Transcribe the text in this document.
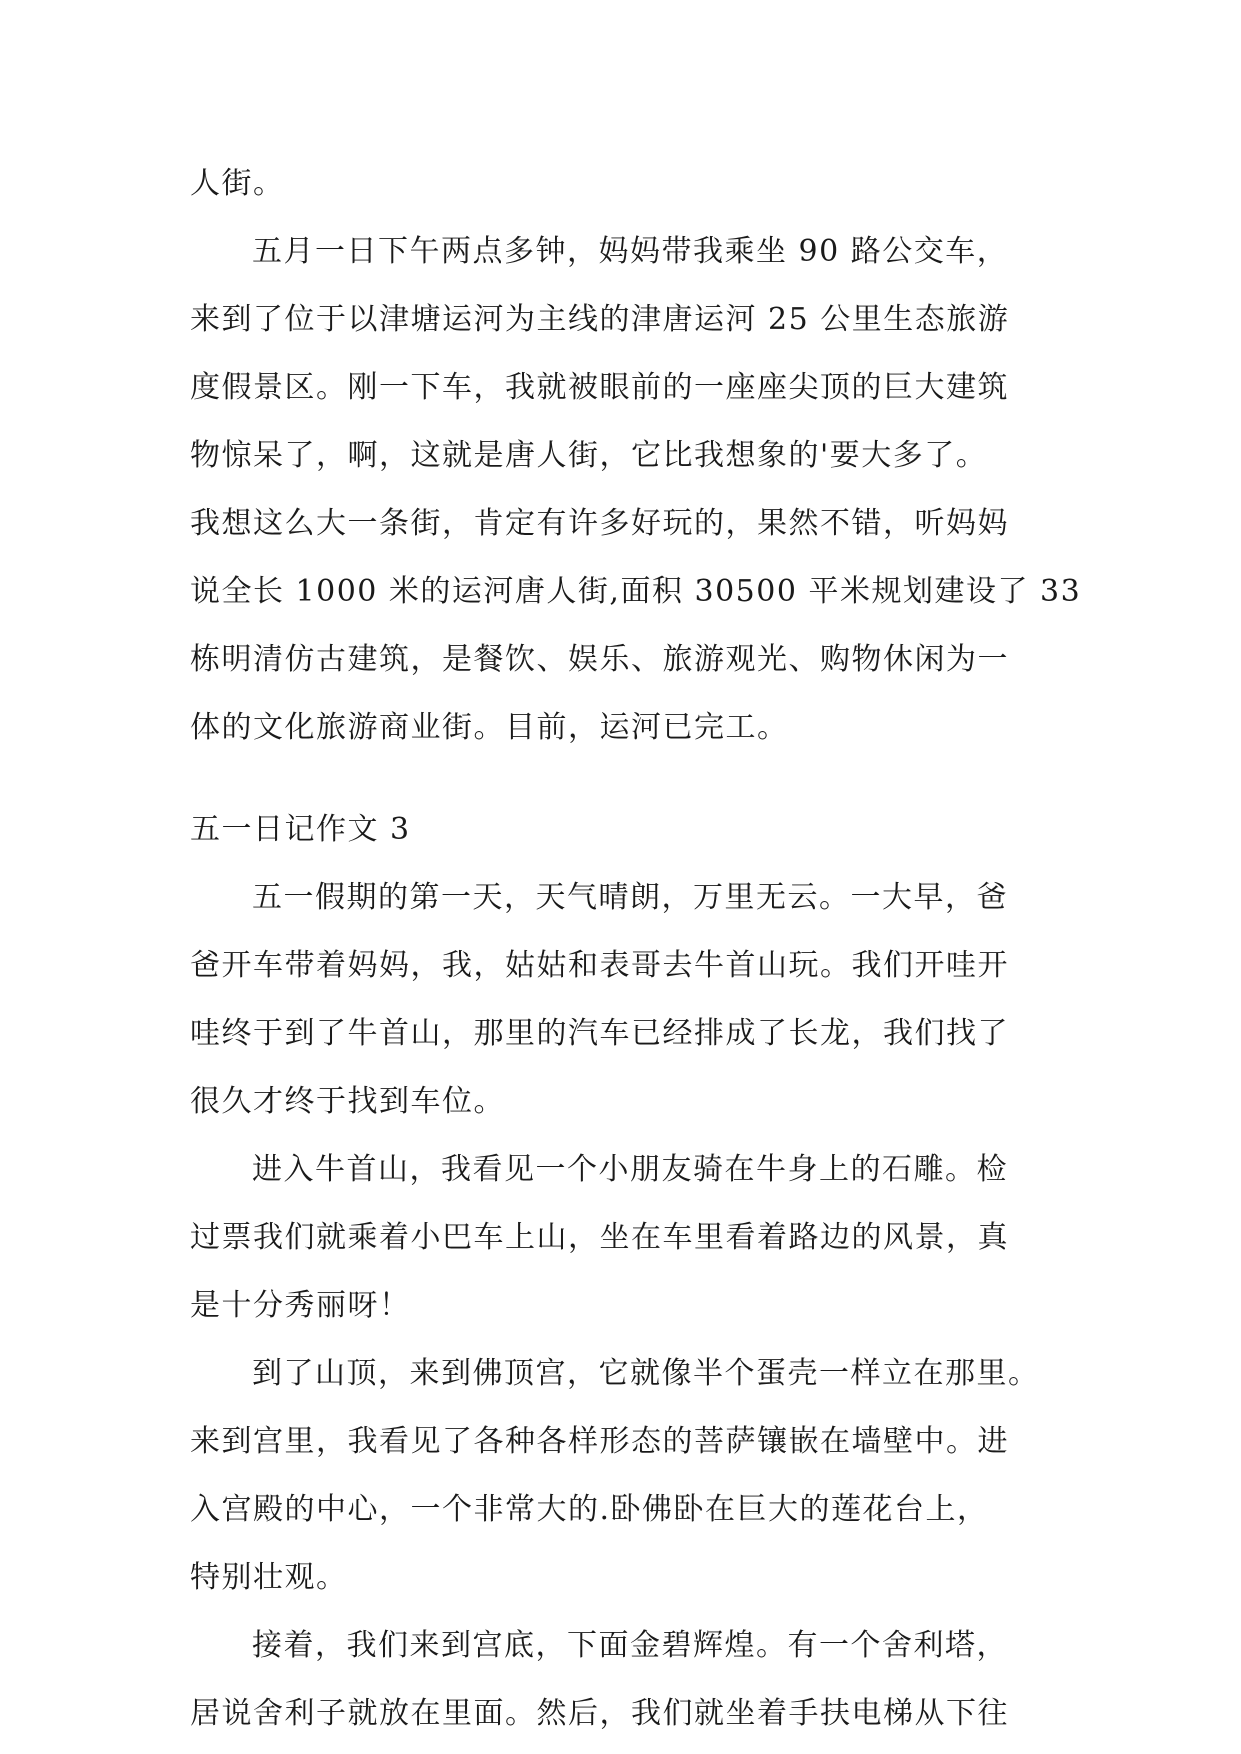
人街。
五月一日下午两点多钟，妈妈带我乘坐 90 路公交车，
来到了位于以津塘运河为主线的津唐运河 25 公里生态旅游
度假景区。刚一下车，我就被眼前的一座座尖顶的巨大建筑
物惊呆了，啊，这就是唐人街，它比我想象的'要大多了。
我想这么大一条街，肯定有许多好玩的，果然不错，听妈妈
说全长 1000 米的运河唐人街,面积 30500 平米规划建设了 33
栋明清仿古建筑，是餐饮、娱乐、旅游观光、购物休闲为一
体的文化旅游商业街。目前，运河已完工。
五一日记作文 3
五一假期的第一天，天气晴朗，万里无云。一大早，爸
爸开车带着妈妈，我，姑姑和表哥去牛首山玩。我们开哇开
哇终于到了牛首山，那里的汽车已经排成了长龙，我们找了
很久才终于找到车位。
进入牛首山，我看见一个小朋友骑在牛身上的石雕。检
过票我们就乘着小巴车上山，坐在车里看着路边的风景，真
是十分秀丽呀！
到了山顶，来到佛顶宫，它就像半个蛋壳一样立在那里。
来到宫里，我看见了各种各样形态的菩萨镶嵌在墙壁中。进
入宫殿的中心，一个非常大的.卧佛卧在巨大的莲花台上，
特别壮观。
接着，我们来到宫底，下面金碧辉煌。有一个舍利塔，
居说舍利子就放在里面。然后，我们就坐着手扶电梯从下往
